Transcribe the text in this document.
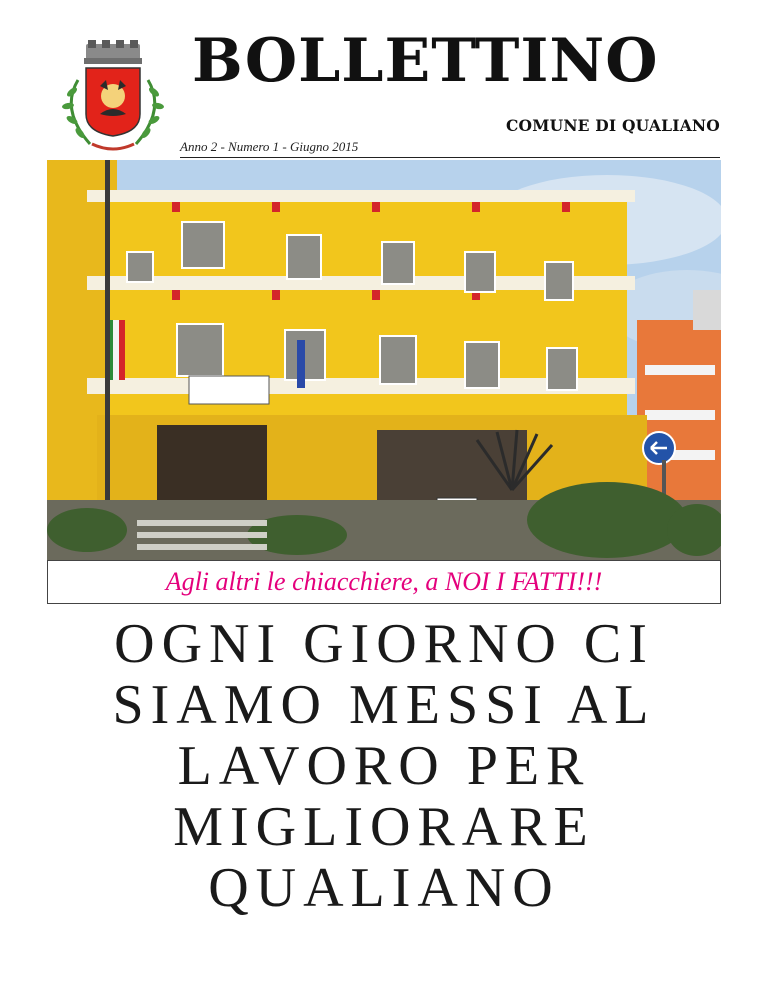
BOLLETTINO
COMUNE DI QUALIANO
Anno 2 - Numero 1 - Giugno 2015
Agli altri le chiacchiere, a NOI I FATTI!!!
OGNI GIORNO CI
SIAMO MESSI AL
LAVORO PER
MIGLIORARE
QUALIANO
